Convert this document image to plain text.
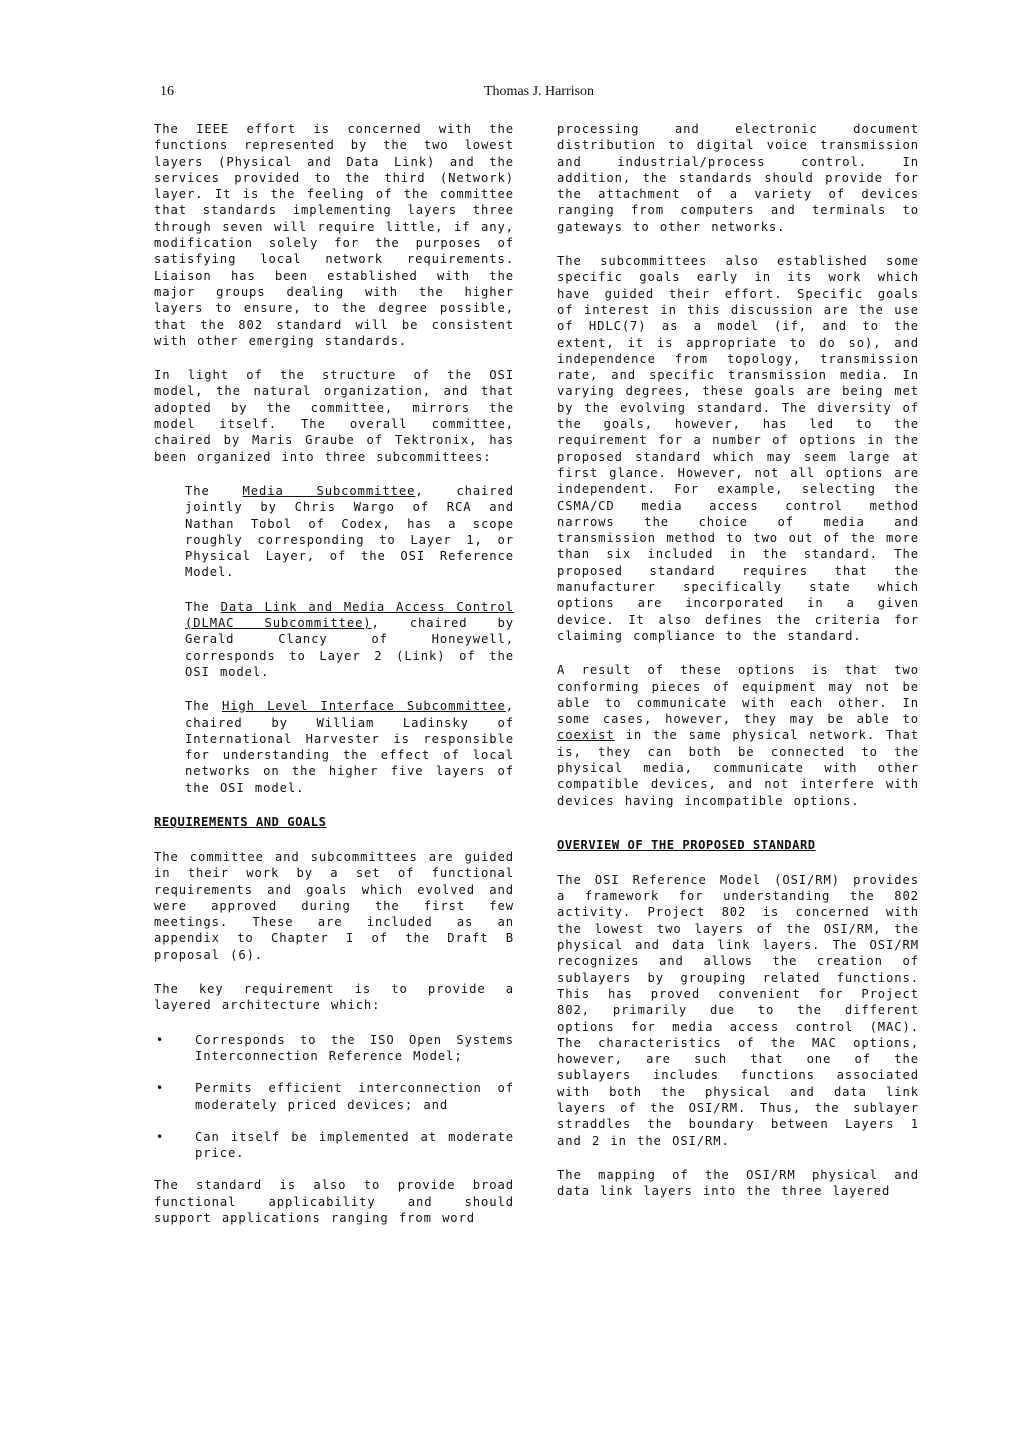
16	Thomas J. Harrison

The IEEE effort is concerned with the functions represented by the two lowest layers (Physical and Data Link) and the services provided to the third (Network) layer. It is the feeling of the committee that standards implementing layers three through seven will require little, if any, modification solely for the purposes of satisfying local network requirements. Liaison has been established with the major groups dealing with the higher layers to ensure, to the degree possible, that the 802 standard will be consistent with other emerging standards.

In light of the structure of the OSI model, the natural organization, and that adopted by the committee, mirrors the model itself. The overall committee, chaired by Maris Graube of Tektronix, has been organized into three subcommittees:

The Media Subcommittee, chaired jointly by Chris Wargo of RCA and Nathan Tobol of Codex, has a scope roughly corresponding to Layer 1, or Physical Layer, of the OSI Reference Model.

The Data Link and Media Access Control (DLMAC Subcommittee), chaired by Gerald Clancy of Honeywell, corresponds to Layer 2 (Link) of the OSI model.

The High Level Interface Subcommittee, chaired by William Ladinsky of International Harvester is responsible for understanding the effect of local networks on the higher five layers of the OSI model.

REQUIREMENTS AND GOALS

The committee and subcommittees are guided in their work by a set of functional requirements and goals which evolved and were approved during the first few meetings. These are included as an appendix to Chapter I of the Draft B proposal (6).

The key requirement is to provide a layered architecture which:

•	Corresponds to the ISO Open Systems Interconnection Reference Model;

•	Permits efficient interconnection of moderately priced devices; and

•	Can itself be implemented at moderate price.

The standard is also to provide broad functional applicability and should support applications ranging from word

processing and electronic document distribution to digital voice transmission and industrial/process control. In addition, the standards should provide for the attachment of a variety of devices ranging from computers and terminals to gateways to other networks.

The subcommittees also established some specific goals early in its work which have guided their effort. Specific goals of interest in this discussion are the use of HDLC(7) as a model (if, and to the extent, it is appropriate to do so), and independence from topology, transmission rate, and specific transmission media. In varying degrees, these goals are being met by the evolving standard. The diversity of the goals, however, has led to the requirement for a number of options in the proposed standard which may seem large at first glance. However, not all options are independent. For example, selecting the CSMA/CD media access control method narrows the choice of media and transmission method to two out of the more than six included in the standard. The proposed standard requires that the manufacturer specifically state which options are incorporated in a given device. It also defines the criteria for claiming compliance to the standard.

A result of these options is that two conforming pieces of equipment may not be able to communicate with each other. In some cases, however, they may be able to coexist in the same physical network. That is, they can both be connected to the physical media, communicate with other compatible devices, and not interfere with devices having incompatible options.

OVERVIEW OF THE PROPOSED STANDARD

The OSI Reference Model (OSI/RM) provides a framework for understanding the 802 activity. Project 802 is concerned with the lowest two layers of the OSI/RM, the physical and data link layers. The OSI/RM recognizes and allows the creation of sublayers by grouping related functions. This has proved convenient for Project 802, primarily due to the different options for media access control (MAC). The characteristics of the MAC options, however, are such that one of the sublayers includes functions associated with both the physical and data link layers of the OSI/RM. Thus, the sublayer straddles the boundary between Layers 1 and 2 in the OSI/RM.

The mapping of the OSI/RM physical and data link layers into the three layered
